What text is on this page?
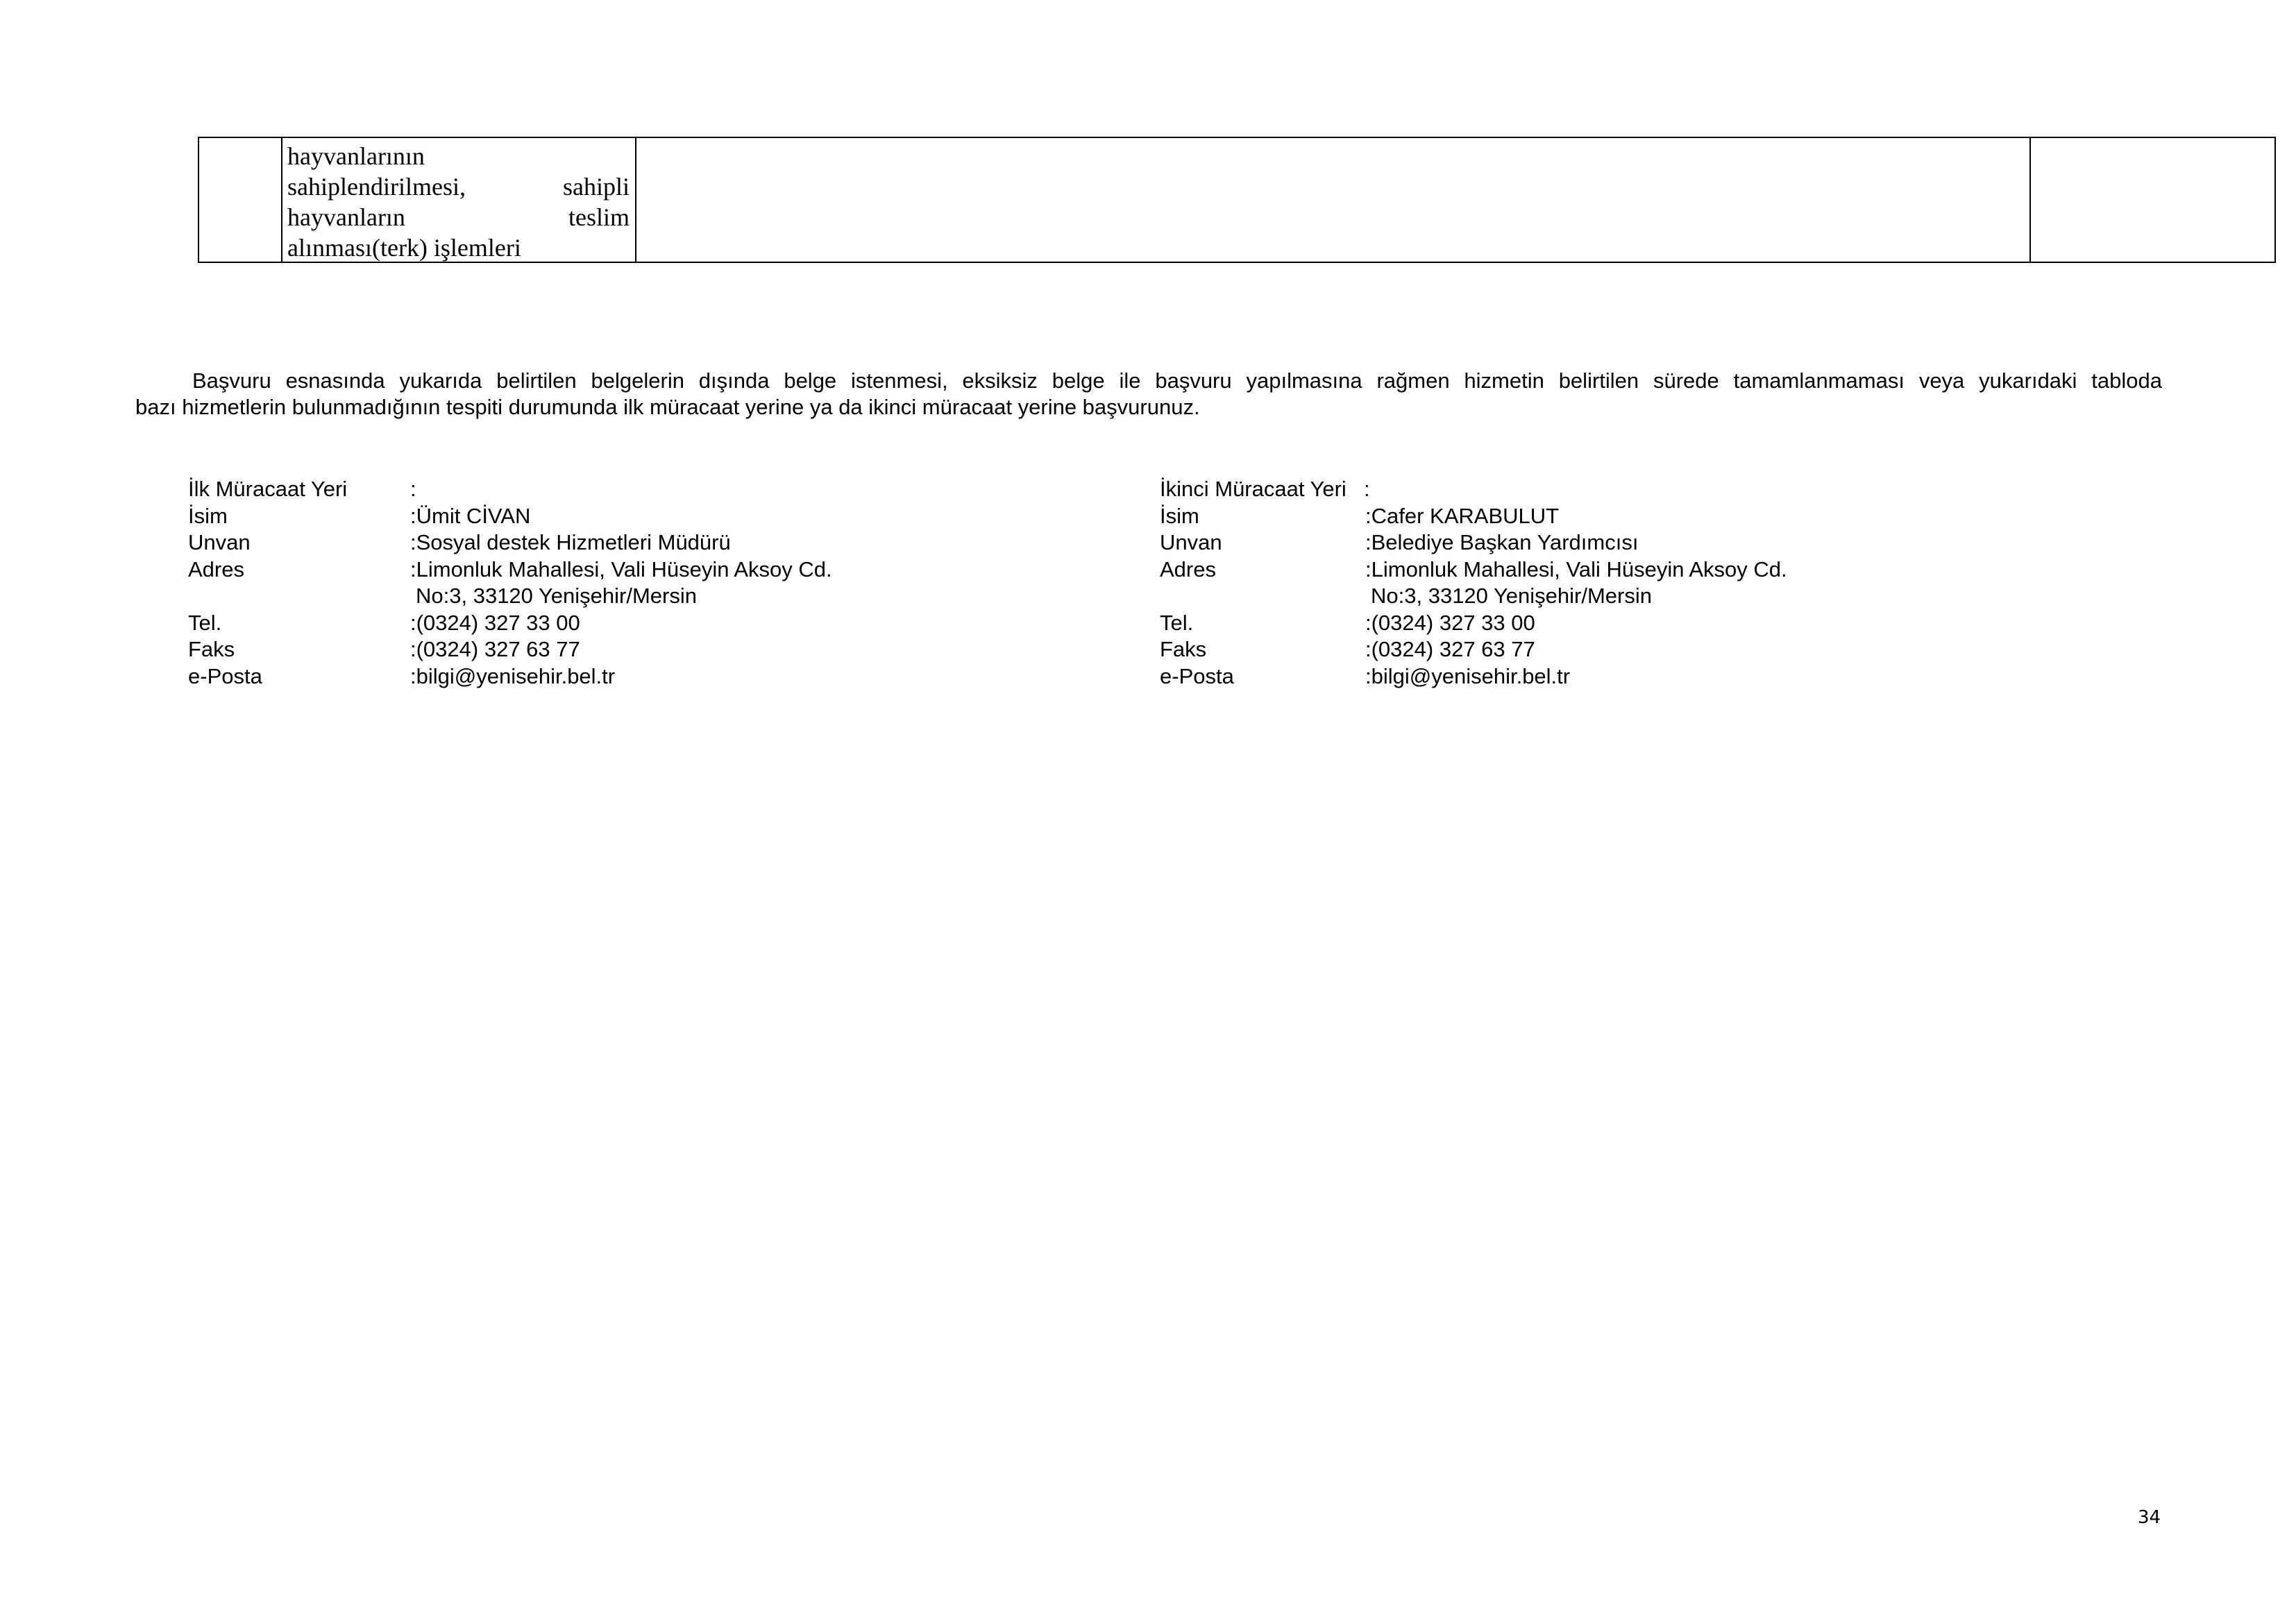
hayvanlarının
sahiplendirilmesi,	sahipli
hayvanların	teslim
alınması(terk) işlemleri

Başvuru esnasında yukarıda belirtilen belgelerin dışında belge istenmesi, eksiksiz belge ile başvuru yapılmasına rağmen hizmetin belirtilen sürede tamamlanmaması veya yukarıdaki tabloda

bazı hizmetlerin bulunmadığının tespiti durumunda ilk müracaat yerine ya da ikinci müracaat yerine başvurunuz.

İlk Müracaat Yeri	:
İsim	:Ümit CİVAN
Unvan	:Sosyal destek Hizmetleri Müdürü
Adres	:Limonluk Mahallesi, Vali Hüseyin Aksoy Cd.
No:3, 33120 Yenişehir/Mersin
Tel.	:(0324) 327 33 00
Faks	:(0324) 327 63 77
e-Posta	:bilgi@yenisehir.bel.tr
İkinci Müracaat Yeri :
İsim	:Cafer KARABULUT
Unvan	:Belediye Başkan Yardımcısı
Adres	:Limonluk Mahallesi, Vali Hüseyin Aksoy Cd.
No:3, 33120 Yenişehir/Mersin
Tel.	:(0324) 327 33 00
Faks	:(0324) 327 63 77
e-Posta	:bilgi@yenisehir.bel.tr
34
